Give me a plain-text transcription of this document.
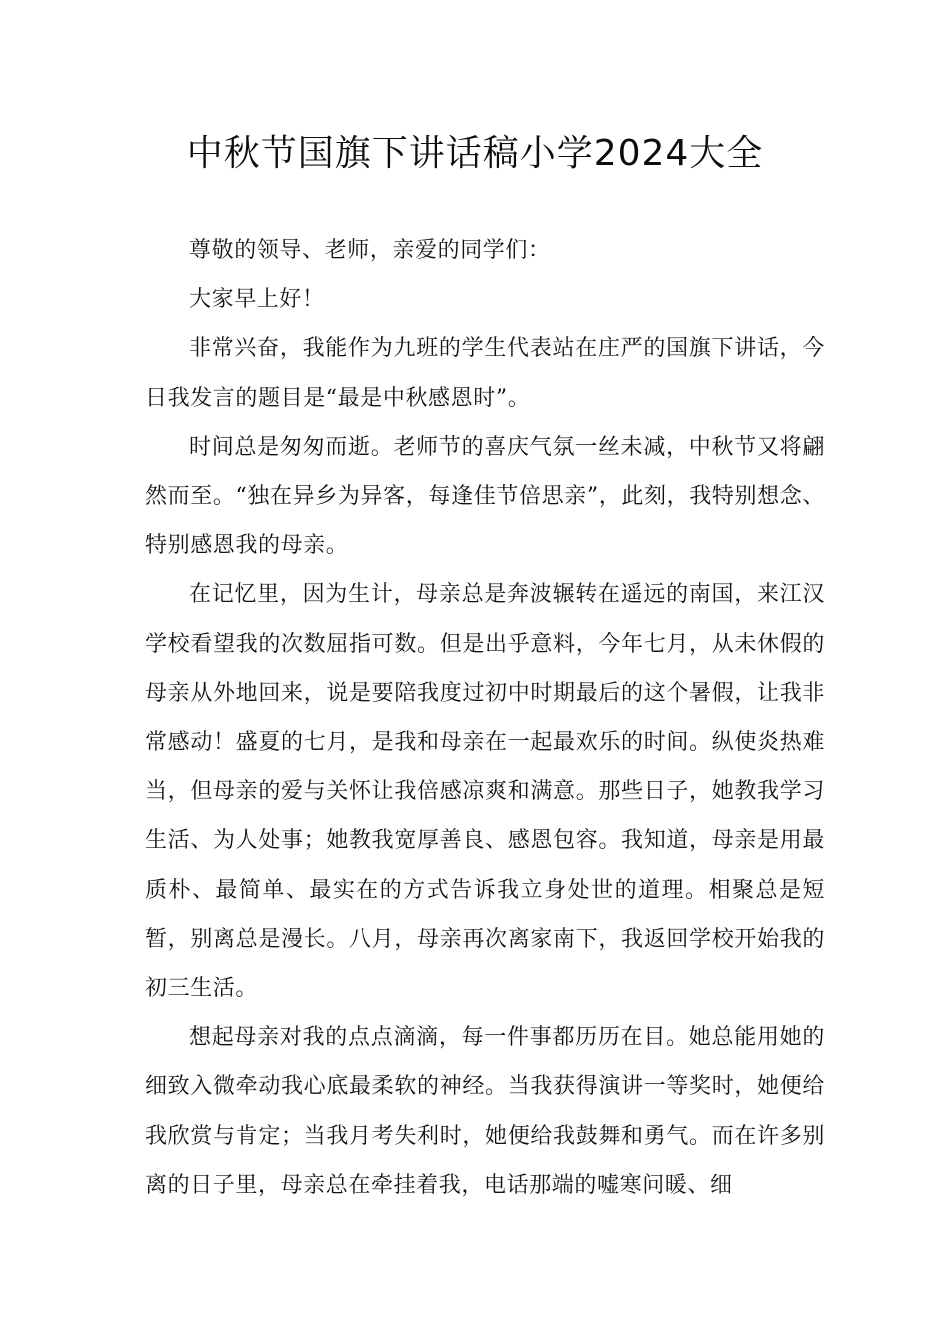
中秋节国旗下讲话稿小学2024大全

尊敬的领导、老师，亲爱的同学们：

大家早上好！

非常兴奋，我能作为九班的学生代表站在庄严的国旗下讲话，今日我发言的题目是“最是中秋感恩时”。

时间总是匆匆而逝。老师节的喜庆气氛一丝未减，中秋节又将翩然而至。“独在异乡为异客，每逢佳节倍思亲”，此刻，我特别想念、特别感恩我的母亲。

在记忆里，因为生计，母亲总是奔波辗转在遥远的南国，来江汉学校看望我的次数屈指可数。但是出乎意料，今年七月，从未休假的母亲从外地回来，说是要陪我度过初中时期最后的这个暑假，让我非常感动！盛夏的七月，是我和母亲在一起最欢乐的时间。纵使炎热难当，但母亲的爱与关怀让我倍感凉爽和满意。那些日子，她教我学习生活、为人处事；她教我宽厚善良、感恩包容。我知道，母亲是用最质朴、最简单、最实在的方式告诉我立身处世的道理。相聚总是短暂，别离总是漫长。八月，母亲再次离家南下，我返回学校开始我的初三生活。

想起母亲对我的点点滴滴，每一件事都历历在目。她总能用她的细致入微牵动我心底最柔软的神经。当我获得演讲一等奖时，她便给我欣赏与肯定；当我月考失利时，她便给我鼓舞和勇气。而在许多别离的日子里，母亲总在牵挂着我，电话那端的嘘寒问暖、细
